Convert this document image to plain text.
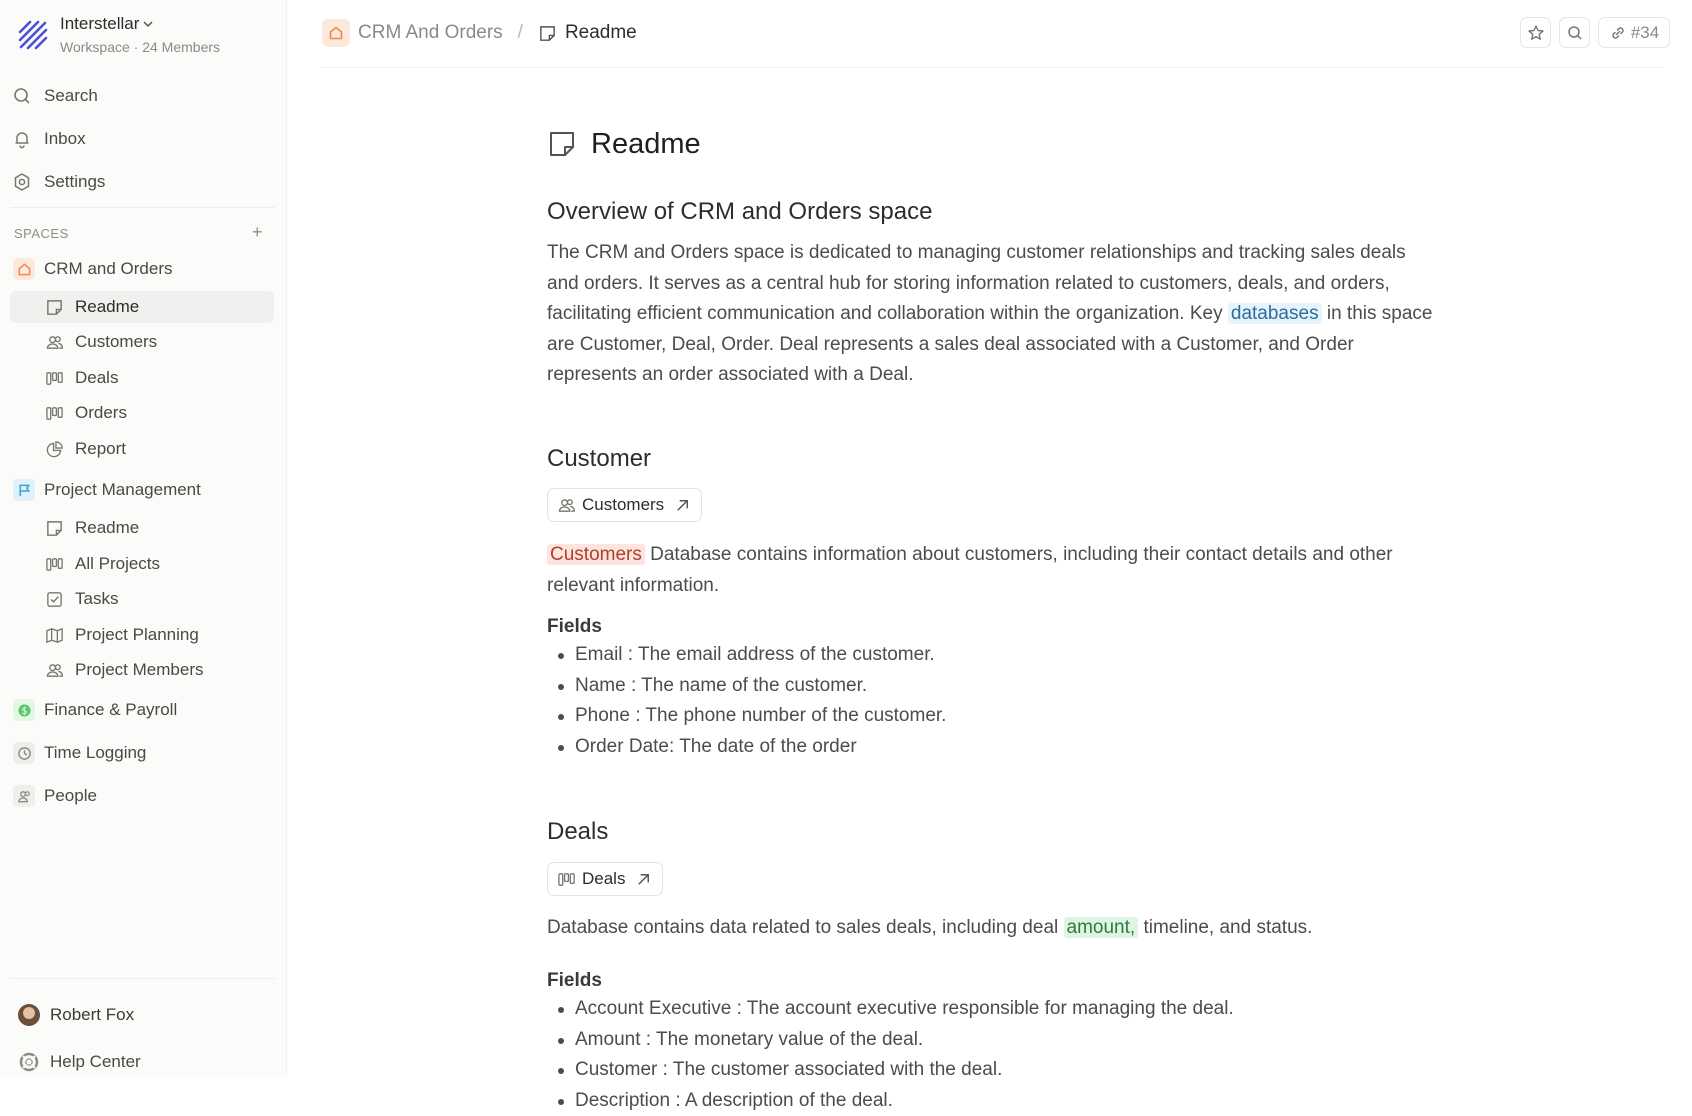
Interstellar
Workspace · 24 Members
Search
Inbox
Settings
SPACES	+
CRM and Orders
Readme
Customers
Deals
Orders
Report
Project Management
Readme
All Projects
Tasks
Project Planning
Project Members
$ Finance & Payroll
Time Logging
People
Robert Fox
Help Center
CRM And Orders / Readme	#34
Readme
Overview of CRM and Orders space
The CRM and Orders space is dedicated to managing customer relationships and tracking sales deals and orders. It serves as a central hub for storing information related to customers, deals, and orders, facilitating efficient communication and collaboration within the organization. Key databases in this space are Customer, Deal, Order. Deal represents a sales deal associated with a Customer, and Order represents an order associated with a Deal.
Customer
Customers
Customers Database contains information about customers, including their contact details and other relevant information.
Fields
Email : The email address of the customer.
Name : The name of the customer.
Phone : The phone number of the customer.
Order Date: The date of the order
Deals
Deals
Database contains data related to sales deals, including deal amount, timeline, and status.
Fields
Account Executive : The account executive responsible for managing the deal.
Amount : The monetary value of the deal.
Customer : The customer associated with the deal.
Description : A description of the deal.
